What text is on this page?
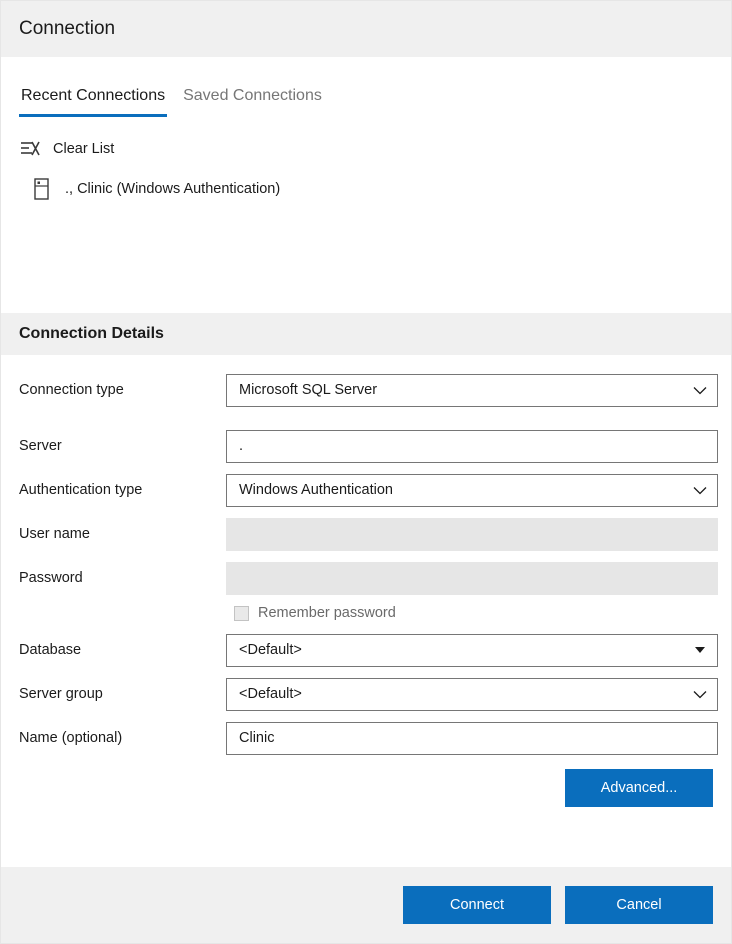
Connection
Recent Connections Saved Connections
Clear List
., Clinic (Windows Authentication)
Connection Details
Connection type	Microsoft SQL Server
Server	.
Authentication type	Windows Authentication
User name
Password
Remember password
Database	<Default>
Server group	<Default>
Name (optional)	Clinic
Advanced...
Connect	Cancel
